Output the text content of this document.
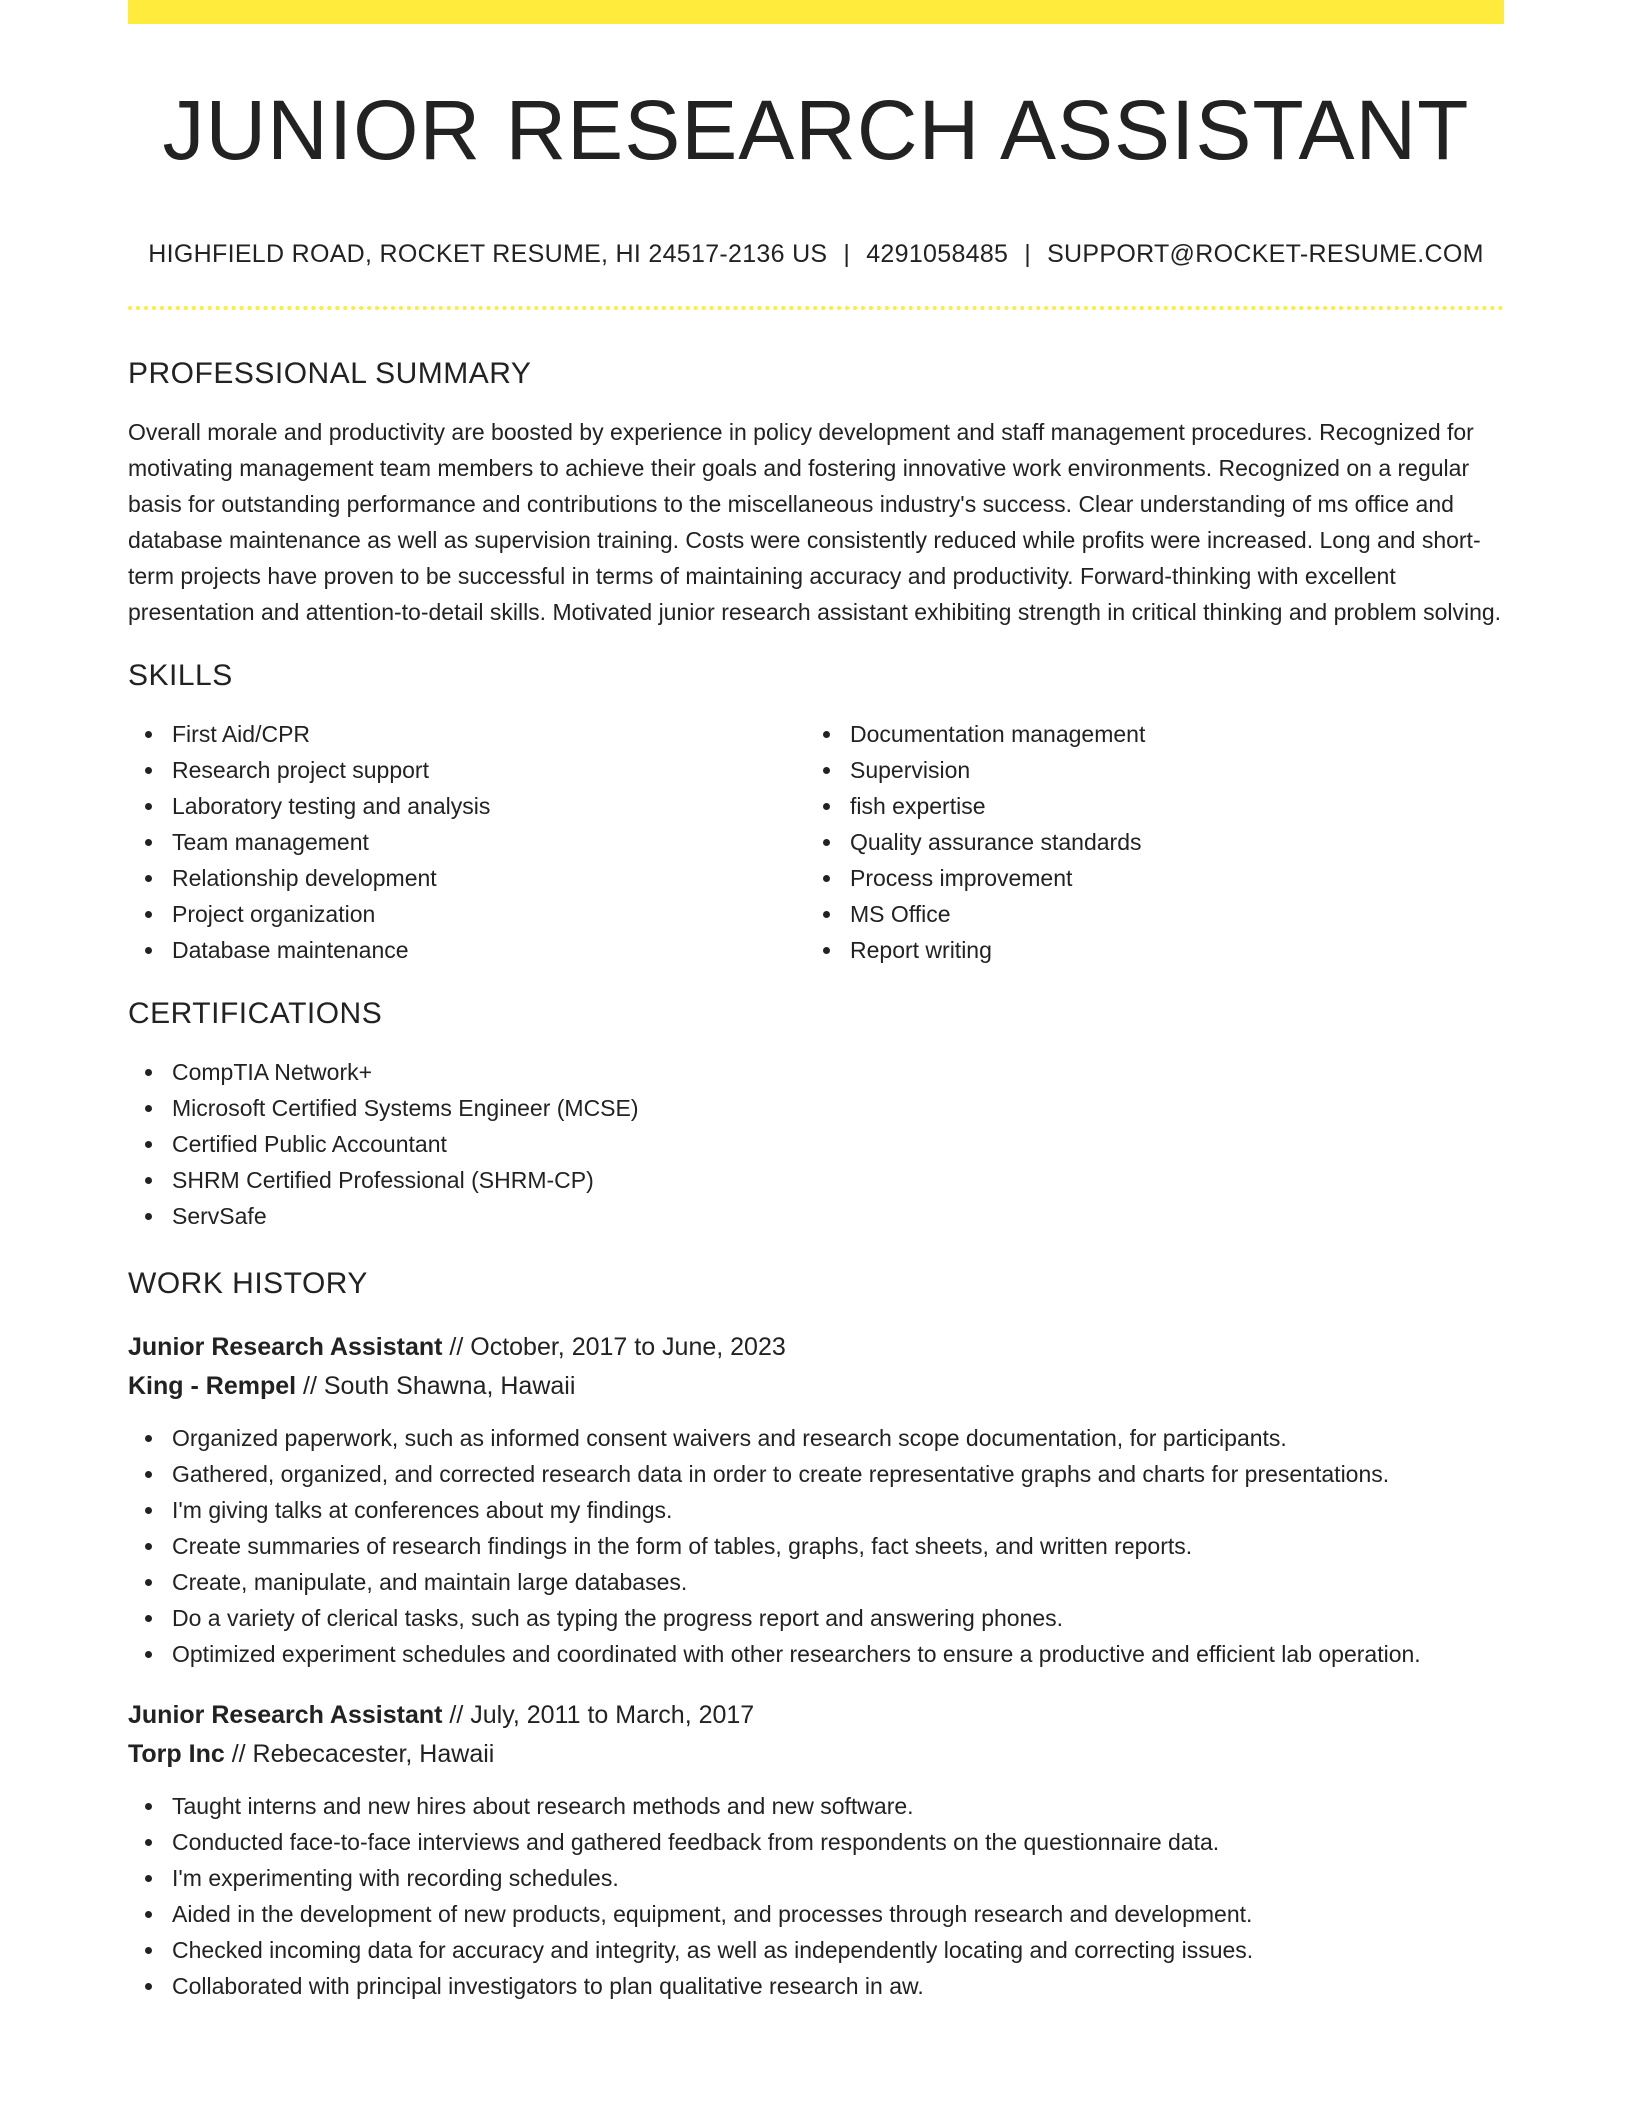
JUNIOR RESEARCH ASSISTANT
HIGHFIELD ROAD, ROCKET RESUME, HI 24517-2136 US | 4291058485 | SUPPORT@ROCKET-RESUME.COM
PROFESSIONAL SUMMARY

Overall morale and productivity are boosted by experience in policy development and staff management procedures. Recognized for motivating management team members to achieve their goals and fostering innovative work environments. Recognized on a regular basis for outstanding performance and contributions to the miscellaneous industry's success. Clear understanding of ms office and database maintenance as well as supervision training. Costs were consistently reduced while profits were increased. Long and short-term projects have proven to be successful in terms of maintaining accuracy and productivity. Forward-thinking with excellent presentation and attention-to-detail skills. Motivated junior research assistant exhibiting strength in critical thinking and problem solving.

SKILLS
First Aid/CPR
Research project support
Laboratory testing and analysis
Team management
Relationship development
Project organization
Database maintenance
Documentation management
Supervision
fish expertise
Quality assurance standards
Process improvement
MS Office
Report writing
CERTIFICATIONS
CompTIA Network+
Microsoft Certified Systems Engineer (MCSE)
Certified Public Accountant
SHRM Certified Professional (SHRM-CP)
ServSafe
WORK HISTORY
Junior Research Assistant // October, 2017 to June, 2023
King - Rempel // South Shawna, Hawaii
Organized paperwork, such as informed consent waivers and research scope documentation, for participants.
Gathered, organized, and corrected research data in order to create representative graphs and charts for presentations.
I'm giving talks at conferences about my findings.
Create summaries of research findings in the form of tables, graphs, fact sheets, and written reports.
Create, manipulate, and maintain large databases.
Do a variety of clerical tasks, such as typing the progress report and answering phones.
Optimized experiment schedules and coordinated with other researchers to ensure a productive and efficient lab operation.
Junior Research Assistant // July, 2011 to March, 2017
Torp Inc // Rebecacester, Hawaii
Taught interns and new hires about research methods and new software.
Conducted face-to-face interviews and gathered feedback from respondents on the questionnaire data.
I'm experimenting with recording schedules.
Aided in the development of new products, equipment, and processes through research and development.
Checked incoming data for accuracy and integrity, as well as independently locating and correcting issues.
Collaborated with principal investigators to plan qualitative research in aw.
